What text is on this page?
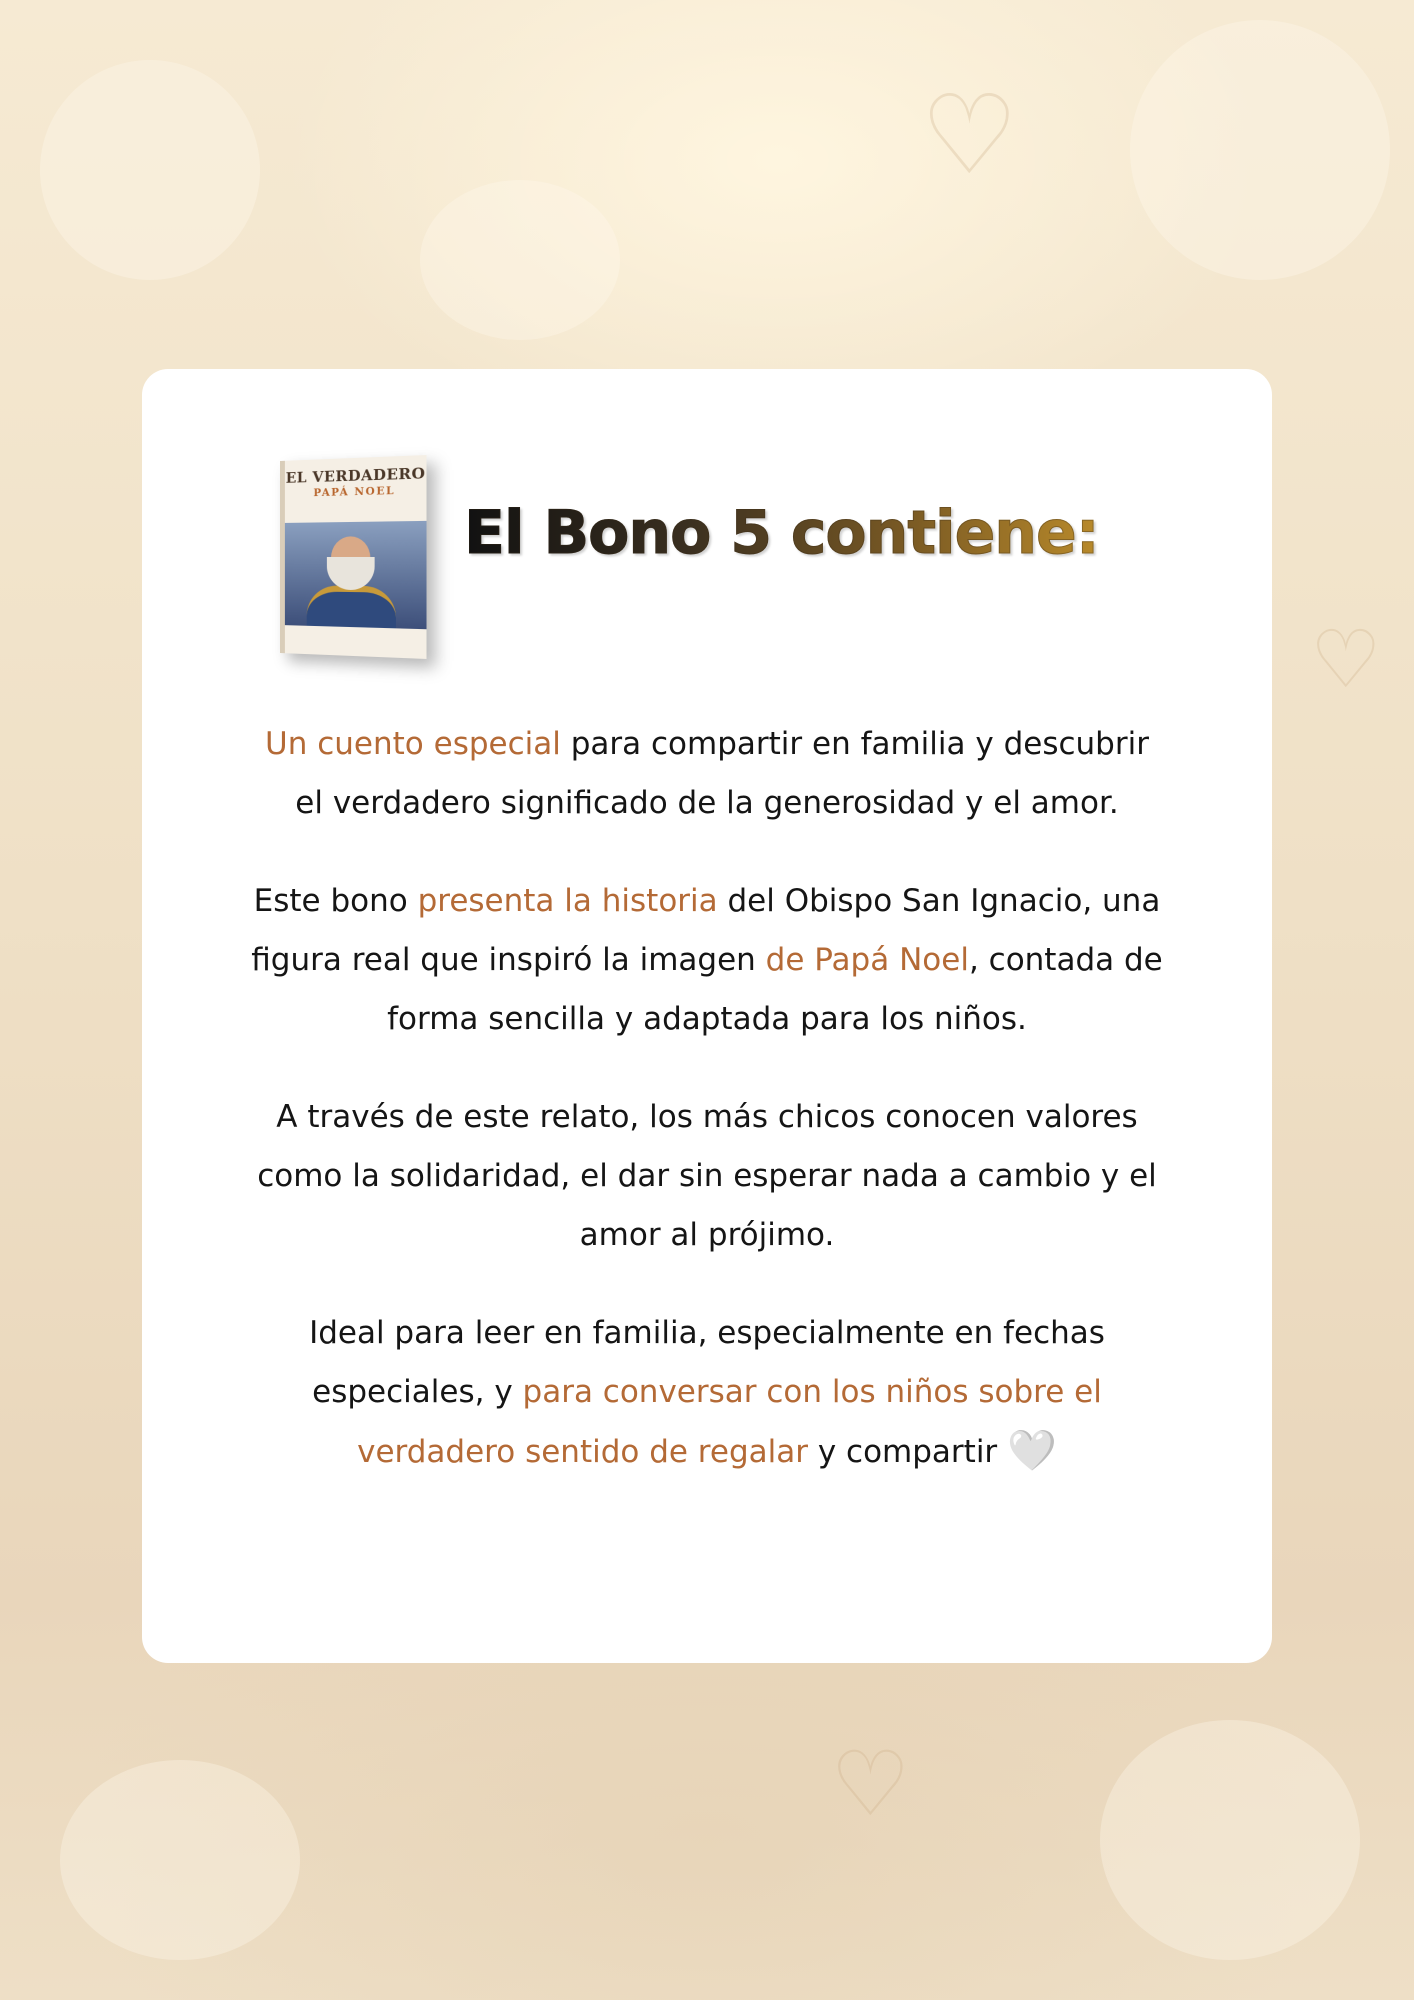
♡
♡
♡
EL VERDADERO
PAPÁ NOEL
El Bono 5 contiene:

Un cuento especial para compartir en familia y descubrir el verdadero significado de la generosidad y el amor.

Este bono presenta la historia del Obispo San Ignacio, una figura real que inspiró la imagen de Papá Noel, contada de forma sencilla y adaptada para los niños.

A través de este relato, los más chicos conocen valores como la solidaridad, el dar sin esperar nada a cambio y el amor al prójimo.

Ideal para leer en familia, especialmente en fechas especiales, y para conversar con los niños sobre el verdadero sentido de regalar y compartir 🤍
